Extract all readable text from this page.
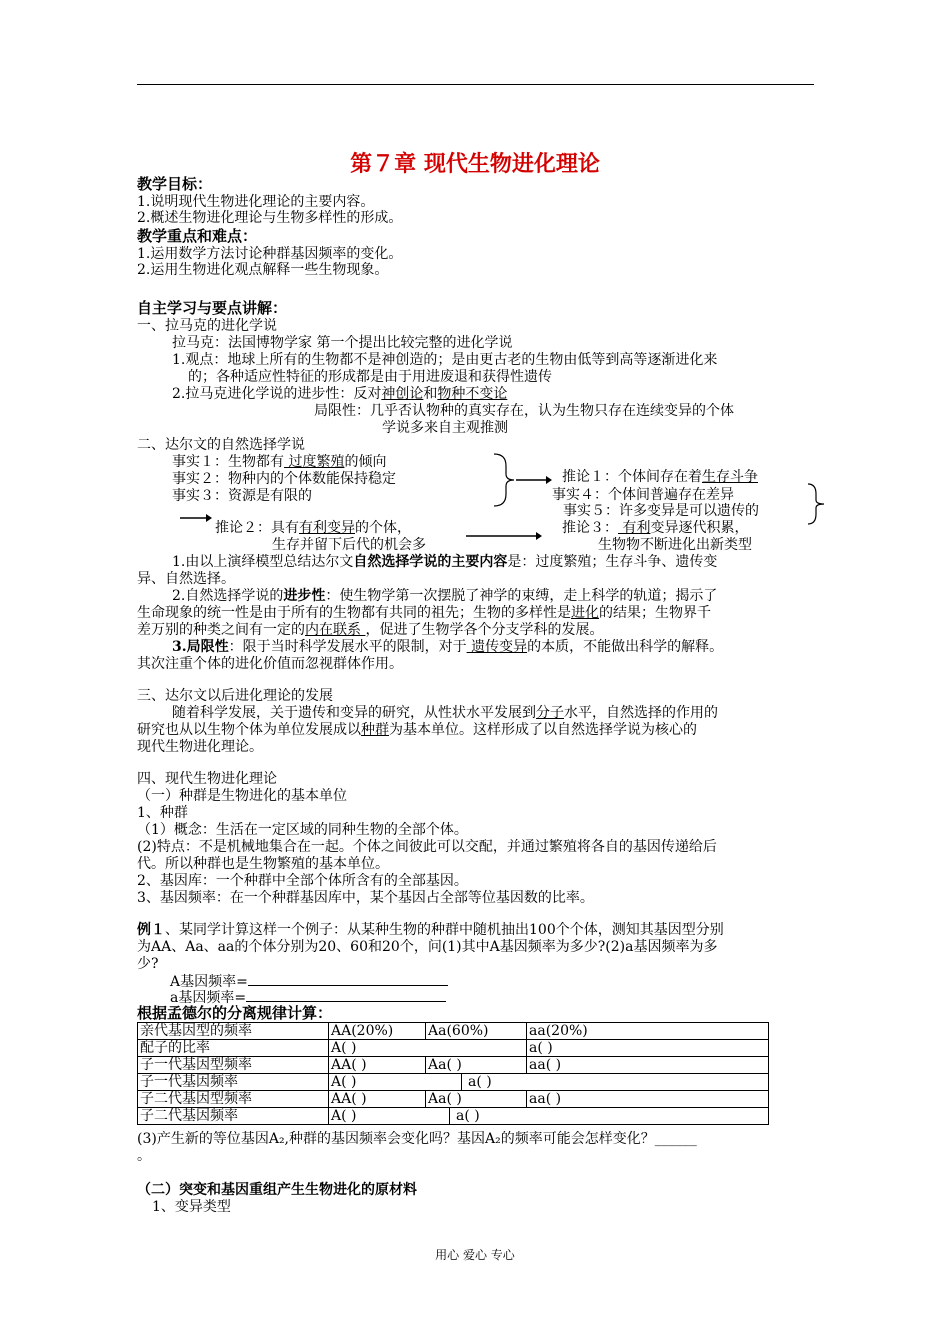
第７章 现代生物进化理论
教学目标：
1.说明现代生物进化理论的主要内容。
2.概述生物进化理论与生物多样性的形成。
教学重点和难点：
1.运用数学方法讨论种群基因频率的变化。
2.运用生物进化观点解释一些生物现象。
自主学习与要点讲解：
一、拉马克的进化学说
拉马克：法国博物学家 第一个提出比较完整的进化学说
1.观点：地球上所有的生物都不是神创造的；是由更古老的生物由低等到高等逐渐进化来
的；各种适应性特征的形成都是由于用进废退和获得性遗传
2.拉马克进化学说的进步性：反对神创论和物种不变论
局限性：几乎否认物种的真实存在，认为生物只存在连续变异的个体
学说多来自主观推测
二、达尔文的自然选择学说
事实１：生物都有 过度繁殖的倾向
事实２：物种内的个体数能保持稳定
事实３：资源是有限的
推论１：个体间存在着生存斗争
事实４：个体间普遍存在差异
事实５：许多变异是可以遗传的
推论２：具有有利变异的个体，
生存并留下后代的机会多
推论３： 有利变异逐代积累，
生物物不断进化出新类型
1.由以上演绎模型总结达尔文自然选择学说的主要内容是：过度繁殖；生存斗争、遗传变
异、自然选择。
2.自然选择学说的进步性：使生物学第一次摆脱了神学的束缚，走上科学的轨道；揭示了
生命现象的统一性是由于所有的生物都有共同的祖先；生物的多样性是进化的结果；生物界千
差万别的种类之间有一定的内在联系 ，促进了生物学各个分支学科的发展。
3.局限性：限于当时科学发展水平的限制，对于 遗传变异的本质，不能做出科学的解释。
其次注重个体的进化价值而忽视群体作用。
三、达尔文以后进化理论的发展
随着科学发展，关于遗传和变异的研究，从性状水平发展到分子水平，自然选择的作用的
研究也从以生物个体为单位发展成以种群为基本单位。这样形成了以自然选择学说为核心的
现代生物进化理论。
四、现代生物进化理论
（一）种群是生物进化的基本单位
1、种群
（1）概念：生活在一定区域的同种生物的全部个体。
(2)特点：不是机械地集合在一起。个体之间彼此可以交配，并通过繁殖将各自的基因传递给后
代。所以种群也是生物繁殖的基本单位。
2、基因库：一个种群中全部个体所含有的全部基因。
3、基因频率：在一个种群基因库中，某个基因占全部等位基因数的比率。
例１、某同学计算这样一个例子：从某种生物的种群中随机抽出100个个体，测知其基因型分别
为AA、Aa、aa的个体分别为20、60和20个，问(1)其中A基因频率为多少?(2)a基因频率为多
少?
A基因频率=
a基因频率=
根据孟德尔的分离规律计算：
亲代基因型的频率	AA(20%)	Aa(60%)	aa(20%)
配子的比率	A( )		a( )
子一代基因型频率	AA( )	Aa( )	aa( )
子一代基因频率	A( ) a( )		
子二代基因型频率	AA( )	Aa( )	aa( )
子二代基因频率	A( ) a( )		
(3)产生新的等位基因A₂,种群的基因频率会变化吗？基因A₂的频率可能会怎样变化？______
。
（二）突变和基因重组产生生物进化的原材料
1、变异类型
用心 爱心 专心
